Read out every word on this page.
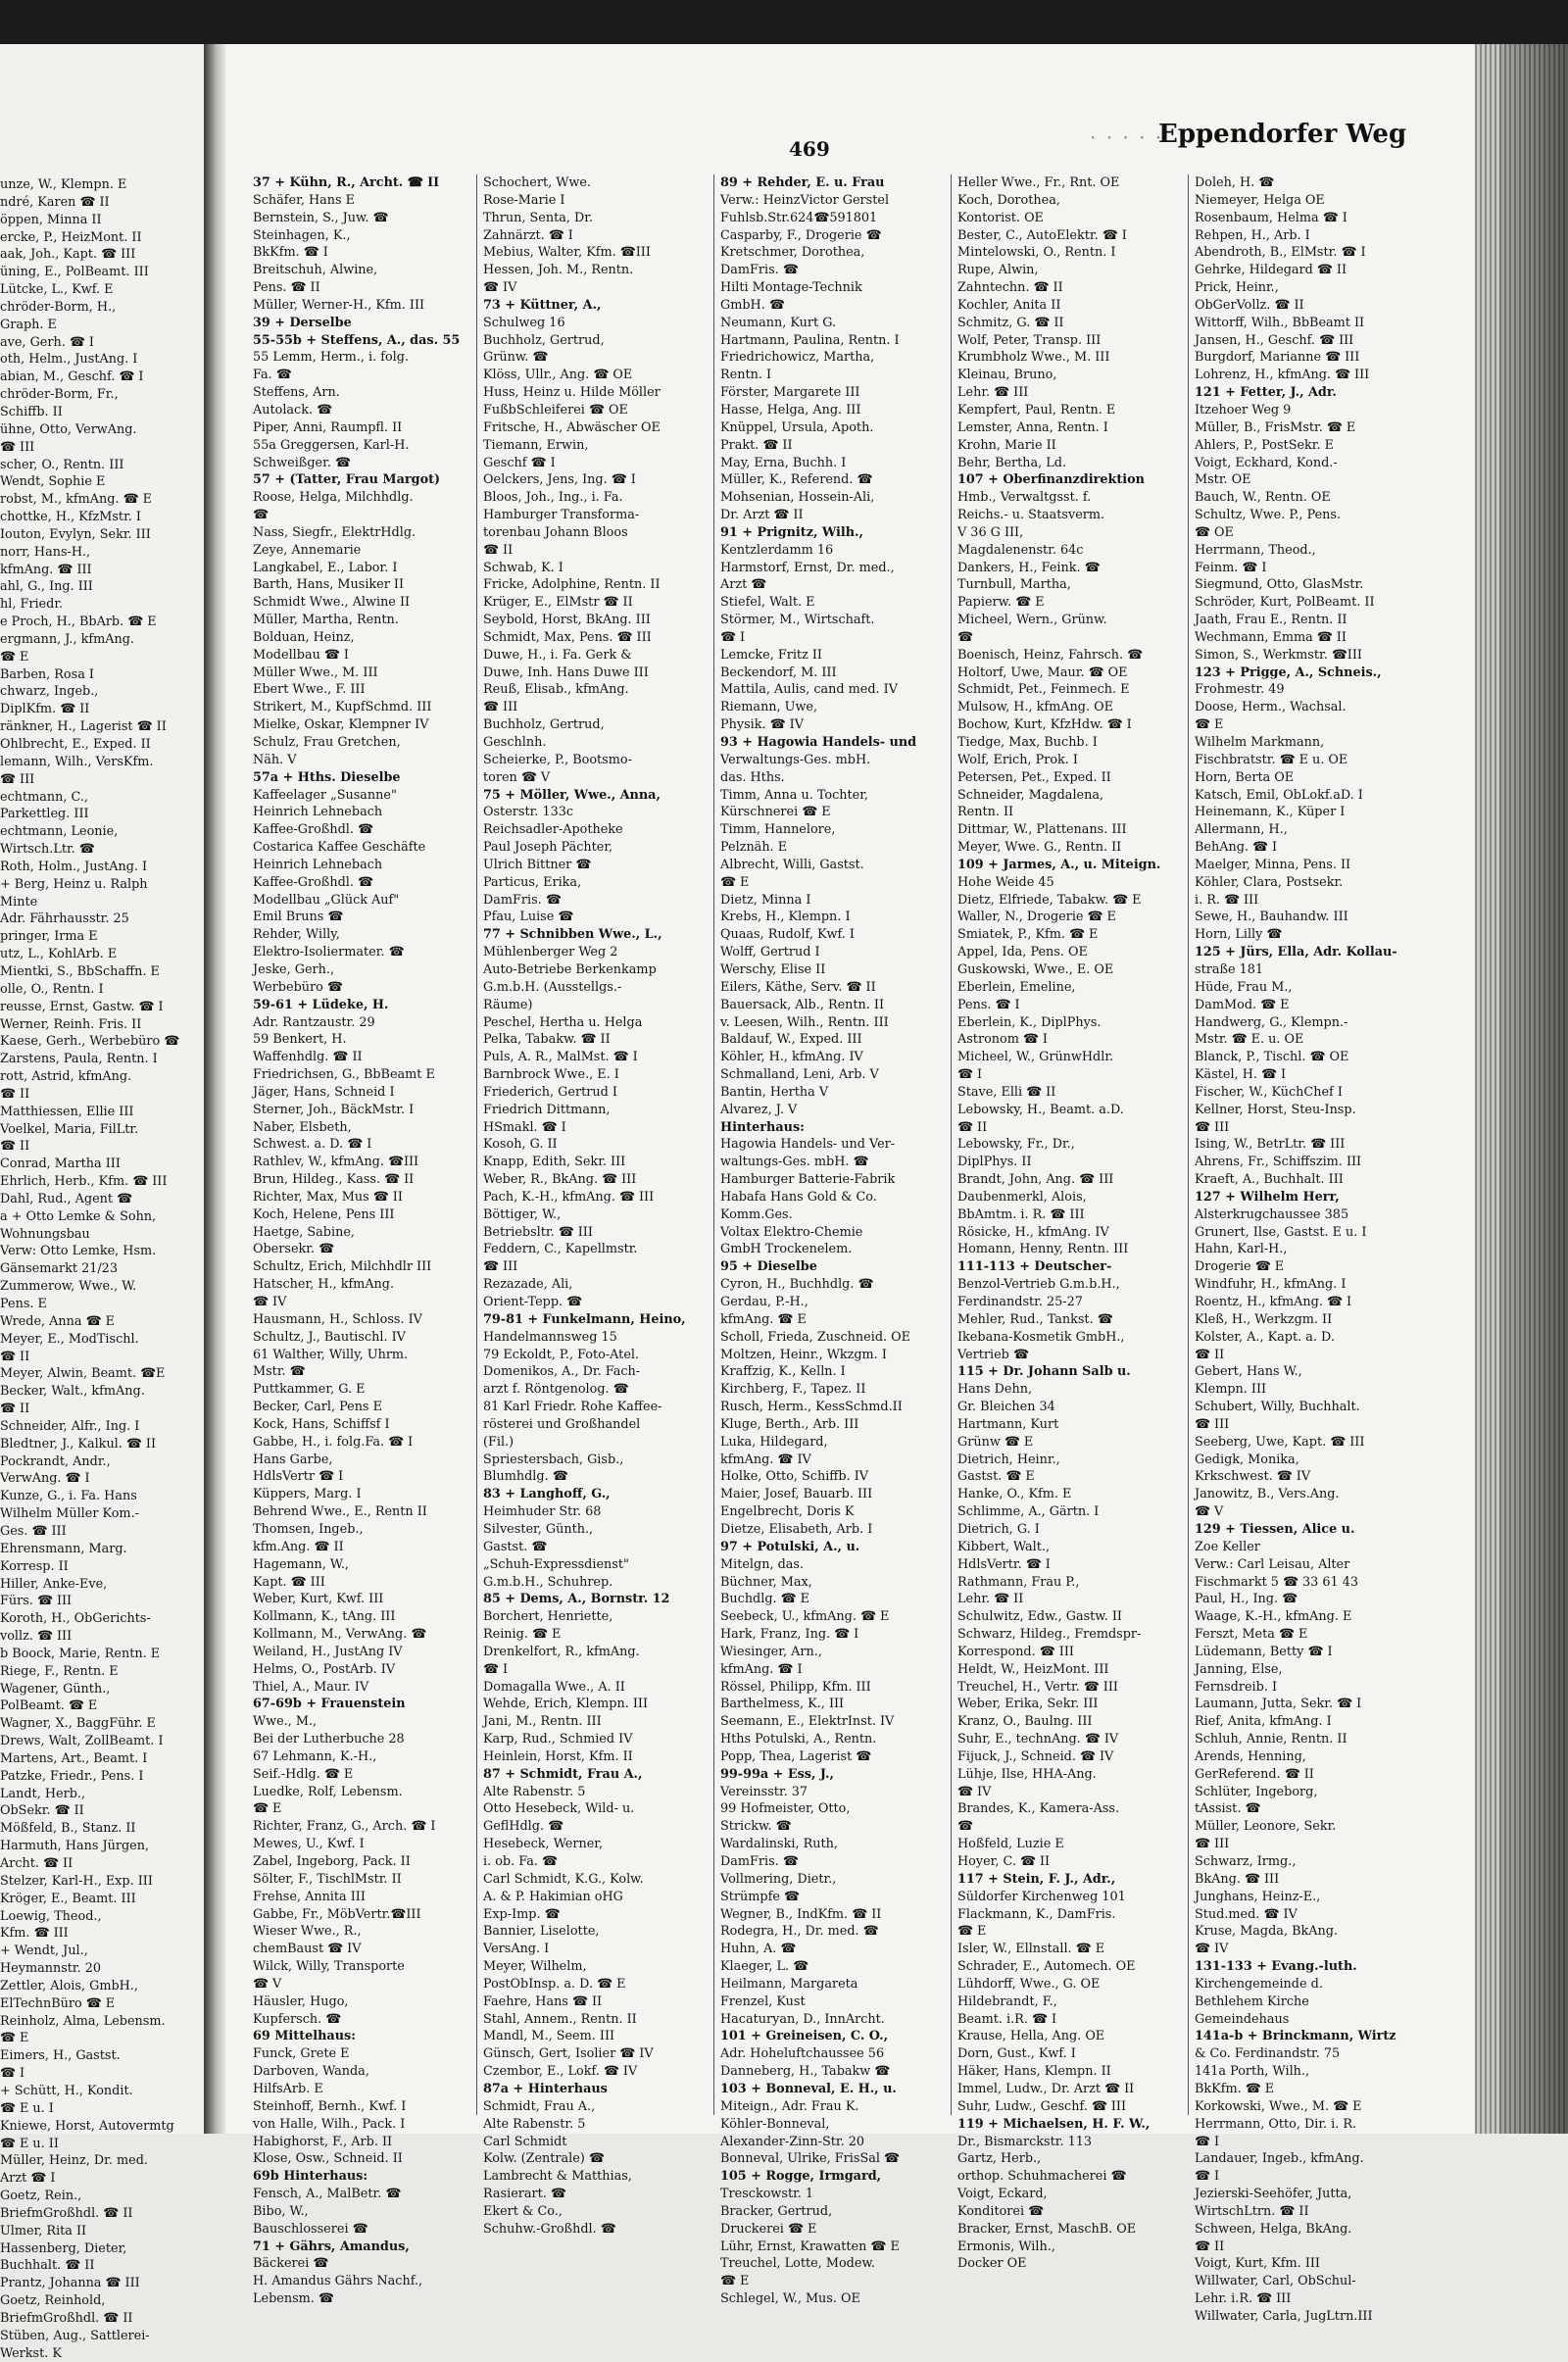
unze, W., Klempn. E
ndré, Karen ☎ II
öppen, Minna II
ercke, P., HeizMont. II
aak, Joh., Kapt. ☎ III
üning, E., PolBeamt. III
Lütcke, L., Kwf. E
chröder-Borm, H.,
Graph. E
ave, Gerh. ☎ I
oth, Helm., JustAng. I
abian, M., Geschf. ☎ I
chröder-Borm, Fr.,
Schiffb. II
ühne, Otto, VerwAng.
☎ III
scher, O., Rentn. III
Wendt, Sophie E
robst, M., kfmAng. ☎ E
chottke, H., KfzMstr. I
Iouton, Evylyn, Sekr. III
norr, Hans-H.,
kfmAng. ☎ III
ahl, G., Ing. III
hl, Friedr.
e Proch, H., BbArb. ☎ E
ergmann, J., kfmAng.
☎ E
Barben, Rosa I
chwarz, Ingeb.,
DiplKfm. ☎ II
ränkner, H., Lagerist ☎ II
Ohlbrecht, E., Exped. II
lemann, Wilh., VersKfm.
☎ III
echtmann, C.,
Parkettleg. III
echtmann, Leonie,
Wirtsch.Ltr. ☎
Roth, Holm., JustAng. I
+ Berg, Heinz u. Ralph
Minte
Adr. Fährhausstr. 25
pringer, Irma E
utz, L., KohlArb. E
Mientki, S., BbSchaffn. E
olle, O., Rentn. I
reusse, Ernst, Gastw. ☎ I
Werner, Reinh. Fris. II
Kaese, Gerh., Werbebüro ☎
Zarstens, Paula, Rentn. I
rott, Astrid, kfmAng.
☎ II
Matthiessen, Ellie III
Voelkel, Maria, FilLtr.
☎ II
Conrad, Martha III
Ehrlich, Herb., Kfm. ☎ III
Dahl, Rud., Agent ☎
a + Otto Lemke & Sohn,
Wohnungsbau
Verw: Otto Lemke, Hsm.
Gänsemarkt 21/23
Zummerow, Wwe., W.
Pens. E
Wrede, Anna ☎ E
Meyer, E., ModTischl.
☎ II
Meyer, Alwin, Beamt. ☎E
Becker, Walt., kfmAng.
☎ II
Schneider, Alfr., Ing. I
Bledtner, J., Kalkul. ☎ II
Pockrandt, Andr.,
VerwAng. ☎ I
Kunze, G., i. Fa. Hans
Wilhelm Müller Kom.-
Ges. ☎ III
Ehrensmann, Marg.
Korresp. II
Hiller, Anke-Eve,
Fürs. ☎ III
Koroth, H., ObGerichts-
vollz. ☎ III
b Boock, Marie, Rentn. E
Riege, F., Rentn. E
Wagener, Günth.,
PolBeamt. ☎ E
Wagner, X., BaggFühr. E
Drews, Walt, ZollBeamt. I
Martens, Art., Beamt. I
Patzke, Friedr., Pens. I
Landt, Herb.,
ObSekr. ☎ II
Mößfeld, B., Stanz. II
Harmuth, Hans Jürgen,
Archt. ☎ II
Stelzer, Karl-H., Exp. III
Kröger, E., Beamt. III
Loewig, Theod.,
Kfm. ☎ III
+ Wendt, Jul.,
Heymannstr. 20
Zettler, Alois, GmbH.,
ElTechnBüro ☎ E
Reinholz, Alma, Lebensm.
☎ E
Eimers, H., Gastst.
☎ I
+ Schütt, H., Kondit.
☎ E u. I
Kniewe, Horst, Autovermtg
☎ E u. II
Müller, Heinz, Dr. med.
Arzt ☎ I
Goetz, Rein.,
BriefmGroßhdl. ☎ II
Ulmer, Rita II
Hassenberg, Dieter,
Buchhalt. ☎ II
Prantz, Johanna ☎ III
Goetz, Reinhold,
BriefmGroßhdl. ☎ II
Stüben, Aug., Sattlerei-
Werkst. K
469	· · · · ·
Eppendorfer Weg
37 + Kühn, R., Archt. ☎ II
Schäfer, Hans E
Bernstein, S., Juw. ☎
Steinhagen, K.,
BkKfm. ☎ I
Breitschuh, Alwine,
Pens. ☎ II
Müller, Werner-H., Kfm. III
39 + Derselbe
55-55b + Steffens, A., das. 55
55 Lemm, Herm., i. folg.
Fa. ☎
Steffens, Arn.
Autolack. ☎
Piper, Anni, Raumpfl. II
55a Greggersen, Karl-H.
Schweißger. ☎
57 + (Tatter, Frau Margot)
Roose, Helga, Milchhdlg.
☎
Nass, Siegfr., ElektrHdlg.
Zeye, Annemarie
Langkabel, E., Labor. I
Barth, Hans, Musiker II
Schmidt Wwe., Alwine II
Müller, Martha, Rentn.
Bolduan, Heinz,
Modellbau ☎ I
Müller Wwe., M. III
Ebert Wwe., F. III
Strikert, M., KupfSchmd. III
Mielke, Oskar, Klempner IV
Schulz, Frau Gretchen,
Näh. V
57a + Hths. Dieselbe
Kaffeelager „Susanne"
Heinrich Lehnebach
Kaffee-Großhdl. ☎
Costarica Kaffee Geschäfte
Heinrich Lehnebach
Kaffee-Großhdl. ☎
Modellbau „Glück Auf"
Emil Bruns ☎
Rehder, Willy,
Elektro-Isoliermater. ☎
Jeske, Gerh.,
Werbebüro ☎
59-61 + Lüdeke, H.
Adr. Rantzaustr. 29
59 Benkert, H.
Waffenhdlg. ☎ II
Friedrichsen, G., BbBeamt E
Jäger, Hans, Schneid I
Sterner, Joh., BäckMstr. I
Naber, Elsbeth,
Schwest. a. D. ☎ I
Rathlev, W., kfmAng. ☎III
Brun, Hildeg., Kass. ☎ II
Richter, Max, Mus ☎ II
Koch, Helene, Pens III
Haetge, Sabine,
Obersekr. ☎
Schultz, Erich, Milchhdlr III
Hatscher, H., kfmAng.
☎ IV
Hausmann, H., Schloss. IV
Schultz, J., Bautischl. IV
61 Walther, Willy, Uhrm.
Mstr. ☎
Puttkammer, G. E
Becker, Carl, Pens E
Kock, Hans, Schiffsf I
Gabbe, H., i. folg.Fa. ☎ I
Hans Garbe,
HdlsVertr ☎ I
Küppers, Marg. I
Behrend Wwe., E., Rentn II
Thomsen, Ingeb.,
kfm.Ang. ☎ II
Hagemann, W.,
Kapt. ☎ III
Weber, Kurt, Kwf. III
Kollmann, K., tAng. III
Kollmann, M., VerwAng. ☎
Weiland, H., JustAng IV
Helms, O., PostArb. IV
Thiel, A., Maur. IV
67-69b + Frauenstein
Wwe., M.,
Bei der Lutherbuche 28
67 Lehmann, K.-H.,
Seif.-Hdlg. ☎ E
Luedke, Rolf, Lebensm.
☎ E
Richter, Franz, G., Arch. ☎ I
Mewes, U., Kwf. I
Zabel, Ingeborg, Pack. II
Sölter, F., TischlMstr. II
Frehse, Annita III
Gabbe, Fr., MöbVertr.☎III
Wieser Wwe., R.,
chemBaust ☎ IV
Wilck, Willy, Transporte
☎ V
Häusler, Hugo,
Kupfersch. ☎
69 Mittelhaus:
Funck, Grete E
Darboven, Wanda,
HilfsArb. E
Steinhoff, Bernh., Kwf. I
von Halle, Wilh., Pack. I
Habighorst, F., Arb. II
Klose, Osw., Schneid. II
69b Hinterhaus:
Fensch, A., MalBetr. ☎
Bibo, W.,
Bauschlosserei ☎
71 + Gährs, Amandus,
Bäckerei ☎
H. Amandus Gährs Nachf.,
Lebensm. ☎
Schochert, Wwe.
Rose-Marie I
Thrun, Senta, Dr.
Zahnärzt. ☎ I
Mebius, Walter, Kfm. ☎III
Hessen, Joh. M., Rentn.
☎ IV
73 + Küttner, A.,
Schulweg 16
Buchholz, Gertrud,
Grünw. ☎
Klöss, Ullr., Ang. ☎ OE
Huss, Heinz u. Hilde Möller
FußbSchleiferei ☎ OE
Fritsche, H., Abwäscher OE
Tiemann, Erwin,
Geschf ☎ I
Oelckers, Jens, Ing. ☎ I
Bloos, Joh., Ing., i. Fa.
Hamburger Transforma-
torenbau Johann Bloos
☎ II
Schwab, K. I
Fricke, Adolphine, Rentn. II
Krüger, E., ElMstr ☎ II
Seybold, Horst, BkAng. III
Schmidt, Max, Pens. ☎ III
Duwe, H., i. Fa. Gerk &
Duwe, Inh. Hans Duwe III
Reuß, Elisab., kfmAng.
☎ III
Buchholz, Gertrud,
Geschlnh.
Scheierke, P., Bootsmo-
toren ☎ V
75 + Möller, Wwe., Anna,
Osterstr. 133c
Reichsadler-Apotheke
Paul Joseph Pächter,
Ulrich Bittner ☎
Particus, Erika,
DamFris. ☎
Pfau, Luise ☎
77 + Schnibben Wwe., L.,
Mühlenberger Weg 2
Auto-Betriebe Berkenkamp
G.m.b.H. (Ausstellgs.-
Räume)
Peschel, Hertha u. Helga
Pelka, Tabakw. ☎ II
Puls, A. R., MalMst. ☎ I
Barnbrock Wwe., E. I
Friederich, Gertrud I
Friedrich Dittmann,
HSmakl. ☎ I
Kosoh, G. II
Knapp, Edith, Sekr. III
Weber, R., BkAng. ☎ III
Pach, K.-H., kfmAng. ☎ III
Böttiger, W.,
Betriebsltr. ☎ III
Feddern, C., Kapellmstr.
☎ III
Rezazade, Ali,
Orient-Tepp. ☎
79-81 + Funkelmann, Heino,
Handelmannsweg 15
79 Eckoldt, P., Foto-Atel.
Domenikos, A., Dr. Fach-
arzt f. Röntgenolog. ☎
81 Karl Friedr. Rohe Kaffee-
rösterei und Großhandel
(Fil.)
Spriestersbach, Gisb.,
Blumhdlg. ☎
83 + Langhoff, G.,
Heimhuder Str. 68
Silvester, Günth.,
Gastst. ☎
„Schuh-Expressdienst"
G.m.b.H., Schuhrep.
85 + Dems, A., Bornstr. 12
Borchert, Henriette,
Reinig. ☎ E
Drenkelfort, R., kfmAng.
☎ I
Domagalla Wwe., A. II
Wehde, Erich, Klempn. III
Jani, M., Rentn. III
Karp, Rud., Schmied IV
Heinlein, Horst, Kfm. II
87 + Schmidt, Frau A.,
Alte Rabenstr. 5
Otto Hesebeck, Wild- u.
GeflHdlg. ☎
Hesebeck, Werner,
i. ob. Fa. ☎
Carl Schmidt, K.G., Kolw.
A. & P. Hakimian oHG
Exp-Imp. ☎
Bannier, Liselotte,
VersAng. I
Meyer, Wilhelm,
PostObInsp. a. D. ☎ E
Faehre, Hans ☎ II
Stahl, Annem., Rentn. II
Mandl, M., Seem. III
Günsch, Gert, Isolier ☎ IV
Czembor, E., Lokf. ☎ IV
87a + Hinterhaus
Schmidt, Frau A.,
Alte Rabenstr. 5
Carl Schmidt
Kolw. (Zentrale) ☎
Lambrecht & Matthias,
Rasierart. ☎
Ekert & Co.,
Schuhw.-Großhdl. ☎
89 + Rehder, E. u. Frau
Verw.: HeinzVictor Gerstel
Fuhlsb.Str.624☎591801
Casparby, F., Drogerie ☎
Kretschmer, Dorothea,
DamFris. ☎
Hilti Montage-Technik
GmbH. ☎
Neumann, Kurt G.
Hartmann, Paulina, Rentn. I
Friedrichowicz, Martha,
Rentn. I
Förster, Margarete III
Hasse, Helga, Ang. III
Knüppel, Ursula, Apoth.
Prakt. ☎ II
May, Erna, Buchh. I
Müller, K., Referend. ☎
Mohsenian, Hossein-Ali,
Dr. Arzt ☎ II
91 + Prignitz, Wilh.,
Kentzlerdamm 16
Harmstorf, Ernst, Dr. med.,
Arzt ☎
Stiefel, Walt. E
Störmer, M., Wirtschaft.
☎ I
Lemcke, Fritz II
Beckendorf, M. III
Mattila, Aulis, cand med. IV
Riemann, Uwe,
Physik. ☎ IV
93 + Hagowia Handels- und
Verwaltungs-Ges. mbH.
das. Hths.
Timm, Anna u. Tochter,
Kürschnerei ☎ E
Timm, Hannelore,
Pelznäh. E
Albrecht, Willi, Gastst.
☎ E
Dietz, Minna I
Krebs, H., Klempn. I
Quaas, Rudolf, Kwf. I
Wolff, Gertrud I
Werschy, Elise II
Eilers, Käthe, Serv. ☎ II
Bauersack, Alb., Rentn. II
v. Leesen, Wilh., Rentn. III
Baldauf, W., Exped. III
Köhler, H., kfmAng. IV
Schmalland, Leni, Arb. V
Bantin, Hertha V
Alvarez, J. V
Hinterhaus:
Hagowia Handels- und Ver-
waltungs-Ges. mbH. ☎
Hamburger Batterie-Fabrik
Habafa Hans Gold & Co.
Komm.Ges.
Voltax Elektro-Chemie
GmbH Trockenelem.
95 + Dieselbe
Cyron, H., Buchhdlg. ☎
Gerdau, P.-H.,
kfmAng. ☎ E
Scholl, Frieda, Zuschneid. OE
Moltzen, Heinr., Wkzgm. I
Kraffzig, K., Kelln. I
Kirchberg, F., Tapez. II
Rusch, Herm., KessSchmd.II
Kluge, Berth., Arb. III
Luka, Hildegard,
kfmAng. ☎ IV
Holke, Otto, Schiffb. IV
Maier, Josef, Bauarb. III
Engelbrecht, Doris K
Dietze, Elisabeth, Arb. I
97 + Potulski, A., u.
Mitelgn, das.
Büchner, Max,
Buchdlg. ☎ E
Seebeck, U., kfmAng. ☎ E
Hark, Franz, Ing. ☎ I
Wiesinger, Arn.,
kfmAng. ☎ I
Rössel, Philipp, Kfm. III
Barthelmess, K., III
Seemann, E., ElektrInst. IV
Hths Potulski, A., Rentn.
Popp, Thea, Lagerist ☎
99-99a + Ess, J.,
Vereinsstr. 37
99 Hofmeister, Otto,
Strickw. ☎
Wardalinski, Ruth,
DamFris. ☎
Vollmering, Dietr.,
Strümpfe ☎
Wegner, B., IndKfm. ☎ II
Rodegra, H., Dr. med. ☎
Huhn, A. ☎
Klaeger, L. ☎
Heilmann, Margareta
Frenzel, Kust
Hacaturyan, D., InnArcht.
101 + Greineisen, C. O.,
Adr. Hoheluftchaussee 56
Danneberg, H., Tabakw ☎
103 + Bonneval, E. H., u.
Miteign., Adr. Frau K.
Köhler-Bonneval,
Alexander-Zinn-Str. 20
Bonneval, Ulrike, FrisSal ☎
105 + Rogge, Irmgard,
Tresckowstr. 1
Bracker, Gertrud,
Druckerei ☎ E
Lühr, Ernst, Krawatten ☎ E
Treuchel, Lotte, Modew.
☎ E
Schlegel, W., Mus. OE
Heller Wwe., Fr., Rnt. OE
Koch, Dorothea,
Kontorist. OE
Bester, C., AutoElektr. ☎ I
Mintelowski, O., Rentn. I
Rupe, Alwin,
Zahntechn. ☎ II
Kochler, Anita II
Schmitz, G. ☎ II
Wolf, Peter, Transp. III
Krumbholz Wwe., M. III
Kleinau, Bruno,
Lehr. ☎ III
Kempfert, Paul, Rentn. E
Lemster, Anna, Rentn. I
Krohn, Marie II
Behr, Bertha, Ld.
107 + Oberfinanzdirektion
Hmb., Verwaltgsst. f.
Reichs.- u. Staatsverm.
V 36 G III,
Magdalenenstr. 64c
Dankers, H., Feink. ☎
Turnbull, Martha,
Papierw. ☎ E
Micheel, Wern., Grünw.
☎
Boenisch, Heinz, Fahrsch. ☎
Holtorf, Uwe, Maur. ☎ OE
Schmidt, Pet., Feinmech. E
Mulsow, H., kfmAng. OE
Bochow, Kurt, KfzHdw. ☎ I
Tiedge, Max, Buchb. I
Wolf, Erich, Prok. I
Petersen, Pet., Exped. II
Schneider, Magdalena,
Rentn. II
Dittmar, W., Plattenans. III
Meyer, Wwe. G., Rentn. II
109 + Jarmes, A., u. Miteign.
Hohe Weide 45
Dietz, Elfriede, Tabakw. ☎ E
Waller, N., Drogerie ☎ E
Smiatek, P., Kfm. ☎ E
Appel, Ida, Pens. OE
Guskowski, Wwe., E. OE
Eberlein, Emeline,
Pens. ☎ I
Eberlein, K., DiplPhys.
Astronom ☎ I
Micheel, W., GrünwHdlr.
☎ I
Stave, Elli ☎ II
Lebowsky, H., Beamt. a.D.
☎ II
Lebowsky, Fr., Dr.,
DiplPhys. II
Brandt, John, Ang. ☎ III
Daubenmerkl, Alois,
BbAmtm. i. R. ☎ III
Rösicke, H., kfmAng. IV
Homann, Henny, Rentn. III
111-113 + Deutscher-
Benzol-Vertrieb G.m.b.H.,
Ferdinandstr. 25-27
Mehler, Rud., Tankst. ☎
Ikebana-Kosmetik GmbH.,
Vertrieb ☎
115 + Dr. Johann Salb u.
Hans Dehn,
Gr. Bleichen 34
Hartmann, Kurt
Grünw ☎ E
Dietrich, Heinr.,
Gastst. ☎ E
Hanke, O., Kfm. E
Schlimme, A., Gärtn. I
Dietrich, G. I
Kibbert, Walt.,
HdlsVertr. ☎ I
Rathmann, Frau P.,
Lehr. ☎ II
Schulwitz, Edw., Gastw. II
Schwarz, Hildeg., Fremdspr-
Korrespond. ☎ III
Heldt, W., HeizMont. III
Treuchel, H., Vertr. ☎ III
Weber, Erika, Sekr. III
Kranz, O., Baulng. III
Suhr, E., technAng. ☎ IV
Fijuck, J., Schneid. ☎ IV
Lühje, Ilse, HHA-Ang.
☎ IV
Brandes, K., Kamera-Ass.
☎
Hoßfeld, Luzie E
Hoyer, C. ☎ II
117 + Stein, F. J., Adr.,
Süldorfer Kirchenweg 101
Flackmann, K., DamFris.
☎ E
Isler, W., Ellnstall. ☎ E
Schrader, E., Automech. OE
Lühdorff, Wwe., G. OE
Hildebrandt, F.,
Beamt. i.R. ☎ I
Krause, Hella, Ang. OE
Dorn, Gust., Kwf. I
Häker, Hans, Klempn. II
Immel, Ludw., Dr. Arzt ☎ II
Suhr, Ludw., Geschf. ☎ III
119 + Michaelsen, H. F. W.,
Dr., Bismarckstr. 113
Gartz, Herb.,
orthop. Schuhmacherei ☎
Voigt, Eckard,
Konditorei ☎
Bracker, Ernst, MaschB. OE
Ermonis, Wilh.,
Docker OE
Doleh, H. ☎
Niemeyer, Helga OE
Rosenbaum, Helma ☎ I
Rehpen, H., Arb. I
Abendroth, B., ElMstr. ☎ I
Gehrke, Hildegard ☎ II
Prick, Heinr.,
ObGerVollz. ☎ II
Wittorff, Wilh., BbBeamt II
Jansen, H., Geschf. ☎ III
Burgdorf, Marianne ☎ III
Lohrenz, H., kfmAng. ☎ III
121 + Fetter, J., Adr.
Itzehoer Weg 9
Müller, B., FrisMstr. ☎ E
Ahlers, P., PostSekr. E
Voigt, Eckhard, Kond.-
Mstr. OE
Bauch, W., Rentn. OE
Schultz, Wwe. P., Pens.
☎ OE
Herrmann, Theod.,
Feinm. ☎ I
Siegmund, Otto, GlasMstr.
Schröder, Kurt, PolBeamt. II
Jaath, Frau E., Rentn. II
Wechmann, Emma ☎ II
Simon, S., Werkmstr. ☎III
123 + Prigge, A., Schneis.,
Frohmestr. 49
Doose, Herm., Wachsal.
☎ E
Wilhelm Markmann,
Fischbratstr. ☎ E u. OE
Horn, Berta OE
Katsch, Emil, ObLokf.aD. I
Heinemann, K., Küper I
Allermann, H.,
BehAng. ☎ I
Maelger, Minna, Pens. II
Köhler, Clara, Postsekr.
i. R. ☎ III
Sewe, H., Bauhandw. III
Horn, Lilly ☎
125 + Jürs, Ella, Adr. Kollau-
straße 181
Hüde, Frau M.,
DamMod. ☎ E
Handwerg, G., Klempn.-
Mstr. ☎ E. u. OE
Blanck, P., Tischl. ☎ OE
Kästel, H. ☎ I
Fischer, W., KüchChef I
Kellner, Horst, Steu-Insp.
☎ III
Ising, W., BetrLtr. ☎ III
Ahrens, Fr., Schiffszim. III
Kraeft, A., Buchhalt. III
127 + Wilhelm Herr,
Alsterkrugchaussee 385
Grunert, Ilse, Gastst. E u. I
Hahn, Karl-H.,
Drogerie ☎ E
Windfuhr, H., kfmAng. I
Roentz, H., kfmAng. ☎ I
Kleß, H., Werkzgm. II
Kolster, A., Kapt. a. D.
☎ II
Gebert, Hans W.,
Klempn. III
Schubert, Willy, Buchhalt.
☎ III
Seeberg, Uwe, Kapt. ☎ III
Gedigk, Monika,
Krkschwest. ☎ IV
Janowitz, B., Vers.Ang.
☎ V
129 + Tiessen, Alice u.
Zoe Keller
Verw.: Carl Leisau, Alter
Fischmarkt 5 ☎ 33 61 43
Paul, H., Ing. ☎
Waage, K.-H., kfmAng. E
Ferszt, Meta ☎ E
Lüdemann, Betty ☎ I
Janning, Else,
Fernsdreib. I
Laumann, Jutta, Sekr. ☎ I
Rief, Anita, kfmAng. I
Schluh, Annie, Rentn. II
Arends, Henning,
GerReferend. ☎ II
Schlüter, Ingeborg,
tAssist. ☎
Müller, Leonore, Sekr.
☎ III
Schwarz, Irmg.,
BkAng. ☎ III
Junghans, Heinz-E.,
Stud.med. ☎ IV
Kruse, Magda, BkAng.
☎ IV
131-133 + Evang.-luth.
Kirchengemeinde d.
Bethlehem Kirche
Gemeindehaus
141a-b + Brinckmann, Wirtz
& Co. Ferdinandstr. 75
141a Porth, Wilh.,
BkKfm. ☎ E
Korkowski, Wwe., M. ☎ E
Herrmann, Otto, Dir. i. R.
☎ I
Landauer, Ingeb., kfmAng.
☎ I
Jezierski-Seehöfer, Jutta,
WirtschLtrn. ☎ II
Schween, Helga, BkAng.
☎ II
Voigt, Kurt, Kfm. III
Willwater, Carl, ObSchul-
Lehr. i.R. ☎ III
Willwater, Carla, JugLtrn.III
